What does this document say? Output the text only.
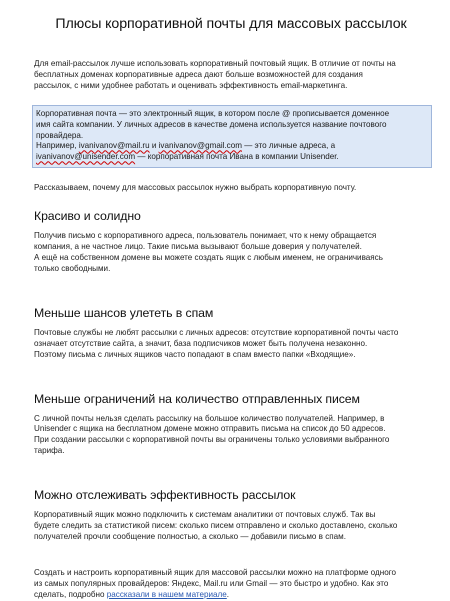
Плюсы корпоративной почты для массовых рассылок

Для email-рассылок лучше использовать корпоративный почтовый ящик. В отличие от почты на
бесплатных доменах корпоративные адреса дают больше возможностей для создания
рассылок, с ними удобнее работать и оценивать эффективность email-маркетинга.

Корпоративная почта — это электронный ящик, в котором после @ прописывается доменное
имя сайта компании. У личных адресов в качестве домена используется название почтового
провайдера.
Например, ivanivanov@mail.ru и ivanivanov@gmail.com — это личные адреса, а
ivanivanov@unisender.com — корпоративная почта Ивана в компании Unisender.

Рассказываем, почему для массовых рассылок нужно выбрать корпоративную почту.

Красиво и солидно

Получив письмо с корпоративного адреса, пользователь понимает, что к нему обращается
компания, а не частное лицо. Такие письма вызывают больше доверия у получателей.
А ещё на собственном домене вы можете создать ящик с любым именем, не ограничиваясь
только свободными.

Меньше шансов улететь в спам

Почтовые службы не любят рассылки с личных адресов: отсутствие корпоративной почты часто
означает отсутствие сайта, а значит, база подписчиков может быть получена незаконно.
Поэтому письма с личных ящиков часто попадают в спам вместо папки «Входящие».

Меньше ограничений на количество отправленных писем

С личной почты нельзя сделать рассылку на большое количество получателей. Например, в
Unisender с ящика на бесплатном домене можно отправить письма на список до 50 адресов.
При создании рассылки с корпоративной почты вы ограничены только условиями выбранного
тарифа.

Можно отслеживать эффективность рассылок

Корпоративный ящик можно подключить к системам аналитики от почтовых служб. Так вы
будете следить за статистикой писем: сколько писем отправлено и сколько доставлено, сколько
получателей прочли сообщение полностью, а сколько — добавили письмо в спам.

Создать и настроить корпоративный ящик для массовой рассылки можно на платформе одного
из самых популярных провайдеров: Яндекс, Mail.ru или Gmail — это быстро и удобно. Как это
сделать, подробно рассказали в нашем материале.
